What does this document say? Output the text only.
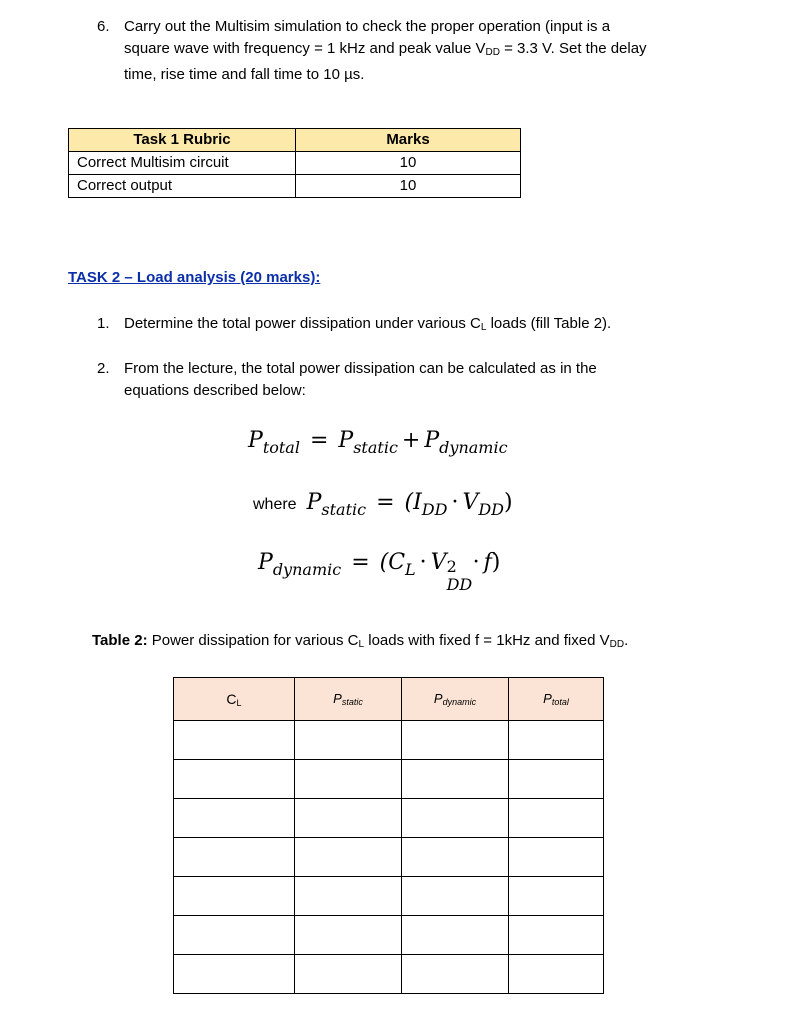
6. Carry out the Multisim simulation to check the proper operation (input is a
square wave with frequency = 1 kHz and peak value $V_{DD} = 3.3$ V. Set the delay
time, rise time and fall time to 10 µs.
Task 1 Rubric	Marks
Correct Multisim circuit	10
Correct output	10
TASK 2 – Load analysis (20 marks):
1. Determine the total power dissipation under various $C_L$ loads (fill Table 2).
2. From the lecture, the total power dissipation can be calculated as in the
equations described below:
$P_{total} = P_{static} + P_{dynamic}$
where $P_{static} = (I_{DD} \cdot V_{DD})$
$P_{dynamic} = (C_L \cdot V$ 2
DD
· f)
Table 2: Power dissipation for various $C_L$ loads with fixed f = 1kHz and fixed $V_{DD}$.
$C_L$	$P_{static}$	$P_{dynamic}$	$P_{total}$
